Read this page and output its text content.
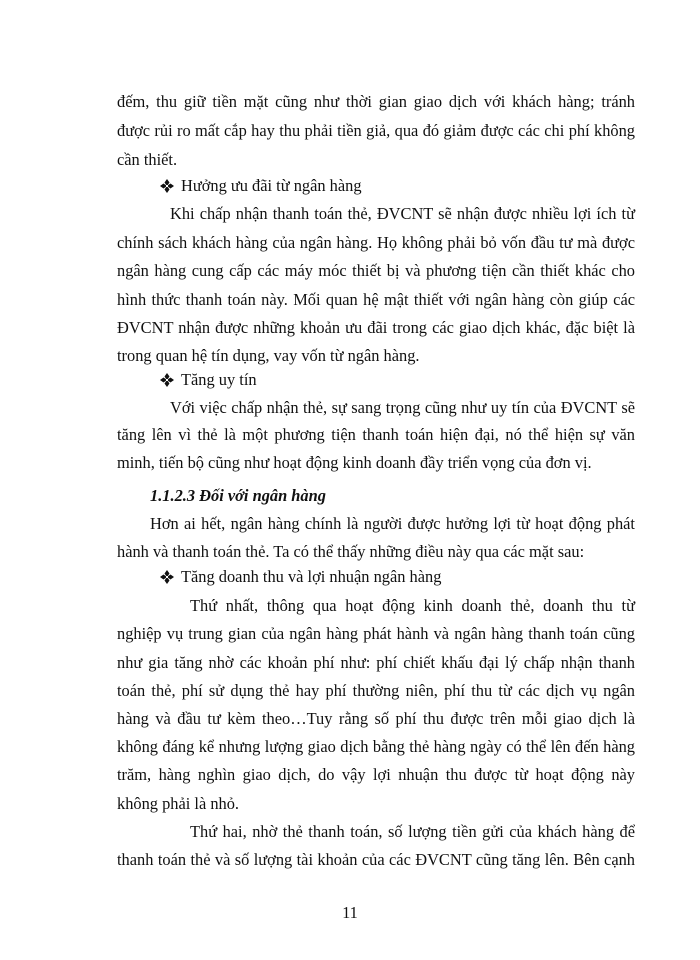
đếm, thu giữ tiền mặt cũng như thời gian giao dịch với khách hàng; tránh
được rủi ro mất cắp hay thu phải tiền giả, qua đó giảm được các chi phí không
cần thiết.
Hưởng ưu đãi từ ngân hàng
Khi chấp nhận thanh toán thẻ, ĐVCNT sẽ nhận được nhiều lợi ích từ
chính sách khách hàng của ngân hàng. Họ không phải bỏ vốn đầu tư mà được
ngân hàng cung cấp các máy móc thiết bị và phương tiện cần thiết khác cho
hình thức thanh toán này. Mối quan hệ mật thiết với ngân hàng còn giúp các
ĐVCNT nhận được những khoản ưu đãi trong các giao dịch khác, đặc biệt là
trong quan hệ tín dụng, vay vốn từ ngân hàng.
Tăng uy tín
Với việc chấp nhận thẻ, sự sang trọng cũng như uy tín của ĐVCNT sẽ
tăng lên vì thẻ là một phương tiện thanh toán hiện đại, nó thể hiện sự văn
minh, tiến bộ cũng như hoạt động kinh doanh đầy triển vọng của đơn vị.
1.1.2.3 Đối với ngân hàng
Hơn ai hết, ngân hàng chính là người được hưởng lợi từ hoạt động phát
hành và thanh toán thẻ. Ta có thể thấy những điều này qua các mặt sau:
Tăng doanh thu và lợi nhuận ngân hàng
Thứ nhất, thông qua hoạt động kinh doanh thẻ, doanh thu từ
nghiệp vụ trung gian của ngân hàng phát hành và ngân hàng thanh toán cũng
như gia tăng nhờ các khoản phí như: phí chiết khấu đại lý chấp nhận thanh
toán thẻ, phí sử dụng thẻ hay phí thường niên, phí thu từ các dịch vụ ngân
hàng và đầu tư kèm theo…Tuy rằng số phí thu được trên mỗi giao dịch là
không đáng kể nhưng lượng giao dịch bằng thẻ hàng ngày có thể lên đến hàng
trăm, hàng nghìn giao dịch, do vậy lợi nhuận thu được từ hoạt động này
không phải là nhỏ.
Thứ hai, nhờ thẻ thanh toán, số lượng tiền gửi của khách hàng để
thanh toán thẻ và số lượng tài khoản của các ĐVCNT cũng tăng lên. Bên cạnh
11
